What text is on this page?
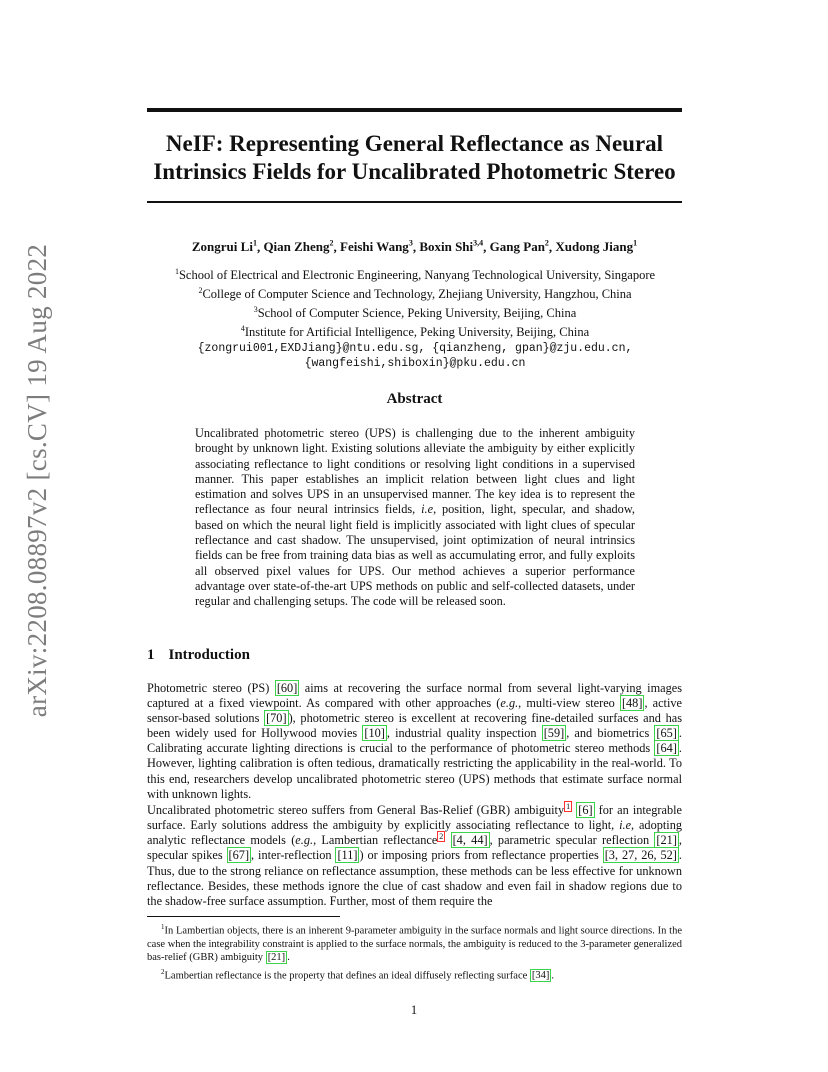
arXiv:2208.08897v2 [cs.CV] 19 Aug 2022
NeIF: Representing General Reflectance as Neural
Intrinsics Fields for Uncalibrated Photometric Stereo
Zongrui Li$^1$, Qian Zheng$^2$, Feishi Wang$^3$, Boxin Shi$^{3,4}$, Gang Pan$^2$, Xudong Jiang$^1$
$^1$School of Electrical and Electronic Engineering, Nanyang Technological University, Singapore
$^2$College of Computer Science and Technology, Zhejiang University, Hangzhou, China
$^3$School of Computer Science, Peking University, Beijing, China
$^4$Institute for Artificial Intelligence, Peking University, Beijing, China
{zongrui001,EXDJiang}@ntu.edu.sg, {qianzheng, gpan}@zju.edu.cn,
{wangfeishi,shiboxin}@pku.edu.cn
Abstract
Uncalibrated photometric stereo (UPS) is challenging due to the inherent ambiguity brought by unknown light. Existing solutions alleviate the ambiguity by either explicitly associating reflectance to light conditions or resolving light conditions in a supervised manner. This paper establishes an implicit relation between light clues and light estimation and solves UPS in an unsupervised manner. The key idea is to represent the reflectance as four neural intrinsics fields, i.e, position, light, specular, and shadow, based on which the neural light field is implicitly associated with light clues of specular reflectance and cast shadow. The unsupervised, joint optimization of neural intrinsics fields can be free from training data bias as well as accumulating error, and fully exploits all observed pixel values for UPS. Our method achieves a superior performance advantage over state-of-the-art UPS methods on public and self-collected datasets, under regular and challenging setups. The code will be released soon.
1 Introduction
Photometric stereo (PS) [60] aims at recovering the surface normal from several light-varying images captured at a fixed viewpoint. As compared with other approaches (e.g., multi-view stereo [48] , active sensor-based solutions [70] ), photometric stereo is excellent at recovering fine-detailed surfaces and has been widely used for Hollywood movies [10] , industrial quality inspection [59] , and biometrics [65] . Calibrating accurate lighting directions is crucial to the performance of photometric stereo methods [64] . However, lighting calibration is often tedious, dramatically restricting the applicability in the real-world. To this end, researchers develop uncalibrated photometric stereo (UPS) methods that estimate surface normal with unknown lights.
Uncalibrated photometric stereo suffers from General Bas-Relief (GBR) ambiguity $^1$ [6] for an integrable surface. Early solutions address the ambiguity by explicitly associating reflectance to light, i.e, adopting analytic reflectance models (e.g., Lambertian reflectance $^2$ [4, 44] , parametric specular reflection [21] , specular spikes [67] , inter-reflection [11] ) or imposing priors from reflectance properties [3, 27, 26, 52] . Thus, due to the strong reliance on reflectance assumption, these methods can be less effective for unknown reflectance. Besides, these methods ignore the clue of cast shadow and even fail in shadow regions due to the shadow-free surface assumption. Further, most of them require the

$^1$In Lambertian objects, there is an inherent 9-parameter ambiguity in the surface normals and light source directions. In the case when the integrability constraint is applied to the surface normals, the ambiguity is reduced to the 3-parameter generalized bas-relief (GBR) ambiguity [21] .

$^2$Lambertian reflectance is the property that defines an ideal diffusely reflecting surface [34] .

1
